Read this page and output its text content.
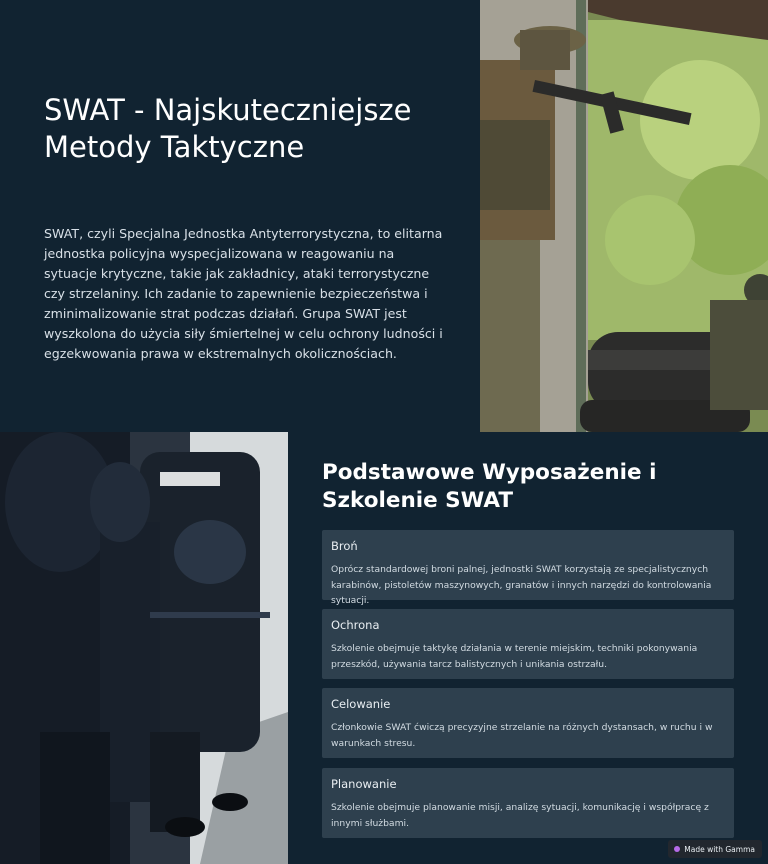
SWAT - Najskuteczniejsze Metody Taktyczne

SWAT, czyli Specjalna Jednostka Antyterrorystyczna, to elitarna jednostka policyjna wyspecjalizowana w reagowaniu na sytuacje krytyczne, takie jak zakładnicy, ataki terrorystyczne czy strzelaniny. Ich zadanie to zapewnienie bezpieczeństwa i zminimalizowanie strat podczas działań. Grupa SWAT jest wyszkolona do użycia siły śmiertelnej w celu ochrony ludności i egzekwowania prawa w ekstremalnych okolicznościach.

Podstawowe Wyposażenie i Szkolenie SWAT
Broń
Oprócz standardowej broni palnej, jednostki SWAT korzystają ze specjalistycznych karabinów, pistoletów maszynowych, granatów i innych narzędzi do kontrolowania sytuacji.
Ochrona
Szkolenie obejmuje taktykę działania w terenie miejskim, techniki pokonywania przeszkód, używania tarcz balistycznych i unikania ostrzału.
Celowanie
Członkowie SWAT ćwiczą precyzyjne strzelanie na różnych dystansach, w ruchu i w warunkach stresu.
Planowanie
Szkolenie obejmuje planowanie misji, analizę sytuacji, komunikację i współpracę z innymi służbami.
Made with Gamma
